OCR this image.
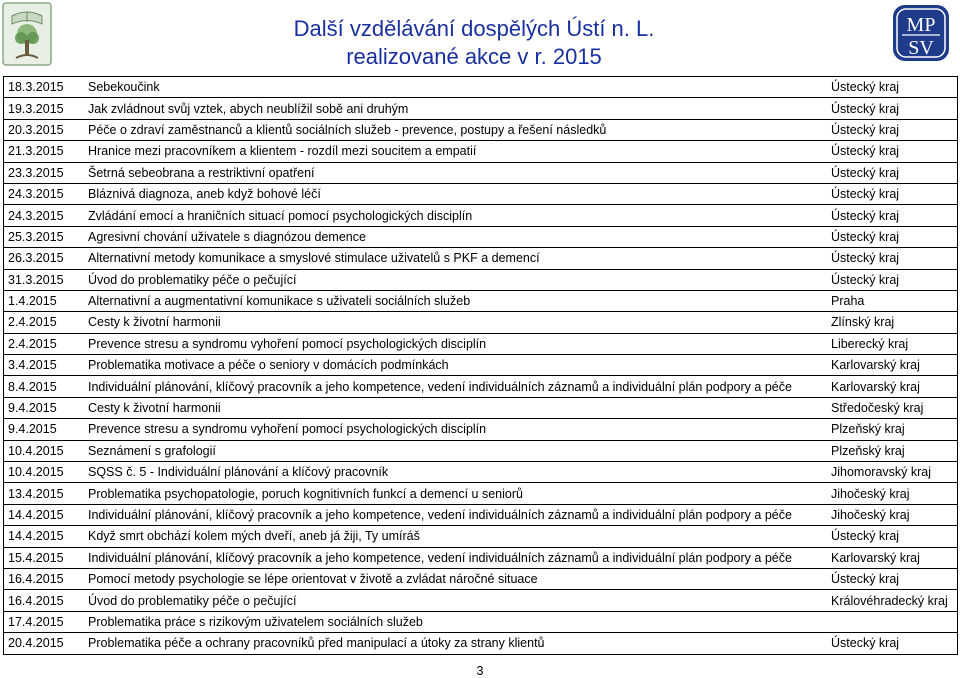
Další vzdělávání dospělých Ústí n. L.
realizované akce v r. 2015
MP
SV
18.3.2015	Sebekoučink	Ústecký kraj
19.3.2015	Jak zvládnout svůj vztek, abych neublížil sobě ani druhým	Ústecký kraj
20.3.2015	Péče o zdraví zaměstnanců a klientů sociálních služeb - prevence, postupy a řešení následků	Ústecký kraj
21.3.2015	Hranice mezi pracovníkem a klientem - rozdíl mezi soucitem a empatií	Ústecký kraj
23.3.2015	Šetrná sebeobrana a restriktivní opatření	Ústecký kraj
24.3.2015	Bláznivá diagnoza, aneb když bohové léčí	Ústecký kraj
24.3.2015	Zvládání emocí a hraničních situací pomocí psychologických disciplín	Ústecký kraj
25.3.2015	Agresivní chování uživatele s diagnózou demence	Ústecký kraj
26.3.2015	Alternativní metody komunikace a smyslové stimulace uživatelů s PKF a demencí	Ústecký kraj
31.3.2015	Úvod do problematiky péče o pečující	Ústecký kraj
1.4.2015	Alternativní a augmentativní komunikace s uživateli sociálních služeb	Praha
2.4.2015	Cesty k životní harmonii	Zlínský kraj
2.4.2015	Prevence stresu a syndromu vyhoření pomocí psychologických disciplín	Liberecký kraj
3.4.2015	Problematika motivace a péče o seniory v domácích podmínkách	Karlovarský kraj
8.4.2015	Individuální plánování, klíčový pracovník a jeho kompetence, vedení individuálních záznamů a individuální plán podpory a péče	Karlovarský kraj
9.4.2015	Cesty k životní harmonii	Středočeský kraj
9.4.2015	Prevence stresu a syndromu vyhoření pomocí psychologických disciplín	Plzeňský kraj
10.4.2015	Seznámení s grafologií	Plzeňský kraj
10.4.2015	SQSS č. 5 - Individuální plánování a klíčový pracovník	Jihomoravský kraj
13.4.2015	Problematika psychopatologie, poruch kognitivních funkcí a demencí u seniorů	Jihočeský kraj
14.4.2015	Individuální plánování, klíčový pracovník a jeho kompetence, vedení individuálních záznamů a individuální plán podpory a péče	Jihočeský kraj
14.4.2015	Když smrt obchází kolem mých dveří, aneb já žiji, Ty umíráš	Ústecký kraj
15.4.2015	Individuální plánování, klíčový pracovník a jeho kompetence, vedení individuálních záznamů a individuální plán podpory a péče	Karlovarský kraj
16.4.2015	Pomocí metody psychologie se lépe orientovat v životě a zvládat náročné situace	Ústecký kraj
16.4.2015	Úvod do problematiky péče o pečující	Královéhradecký kraj
17.4.2015	Problematika práce s rizikovým uživatelem sociálních služeb	
20.4.2015	Problematika péče a ochrany pracovníků před manipulací a útoky za strany klientů	Ústecký kraj
3
